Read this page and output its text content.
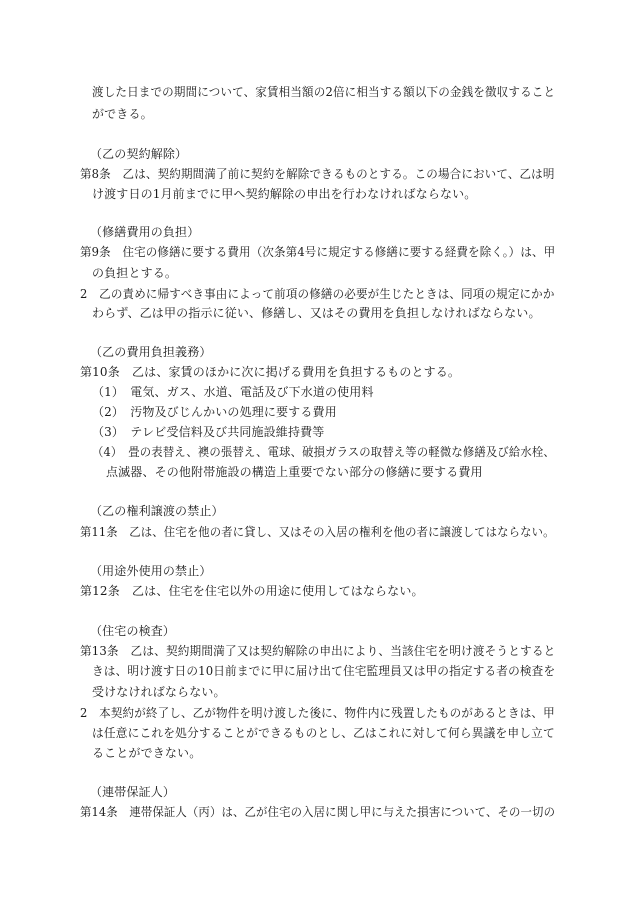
渡した日までの期間について、家賃相当額の2倍に相当する額以下の金銭を徴収すること
ができる。
（乙の契約解除）
第8条　乙は、契約期間満了前に契約を解除できるものとする。この場合において、乙は明
け渡す日の1月前までに甲へ契約解除の申出を行わなければならない。
（修繕費用の負担）
第9条　住宅の修繕に要する費用（次条第4号に規定する修繕に要する経費を除く。）は、甲
の負担とする。
2　乙の責めに帰すべき事由によって前項の修繕の必要が生じたときは、同項の規定にかか
わらず、乙は甲の指示に従い、修繕し、又はその費用を負担しなければならない。
（乙の費用負担義務）
第10条　乙は、家賃のほかに次に掲げる費用を負担するものとする。
（1）　電気、ガス、水道、電話及び下水道の使用料
（2）　汚物及びじんかいの処理に要する費用
（3）　テレビ受信料及び共同施設維持費等
（4）　畳の表替え、襖の張替え、電球、破損ガラスの取替え等の軽微な修繕及び給水栓、
点滅器、その他附帯施設の構造上重要でない部分の修繕に要する費用
（乙の権利譲渡の禁止）
第11条　乙は、住宅を他の者に貸し、又はその入居の権利を他の者に譲渡してはならない。
（用途外使用の禁止）
第12条　乙は、住宅を住宅以外の用途に使用してはならない。
（住宅の検査）
第13条　乙は、契約期間満了又は契約解除の申出により、当該住宅を明け渡そうとすると
きは、明け渡す日の10日前までに甲に届け出て住宅監理員又は甲の指定する者の検査を
受けなければならない。
2　本契約が終了し、乙が物件を明け渡した後に、物件内に残置したものがあるときは、甲
は任意にこれを処分することができるものとし、乙はこれに対して何ら異議を申し立て
ることができない。
（連帯保証人）
第14条　連帯保証人（丙）は、乙が住宅の入居に関し甲に与えた損害について、その一切の
